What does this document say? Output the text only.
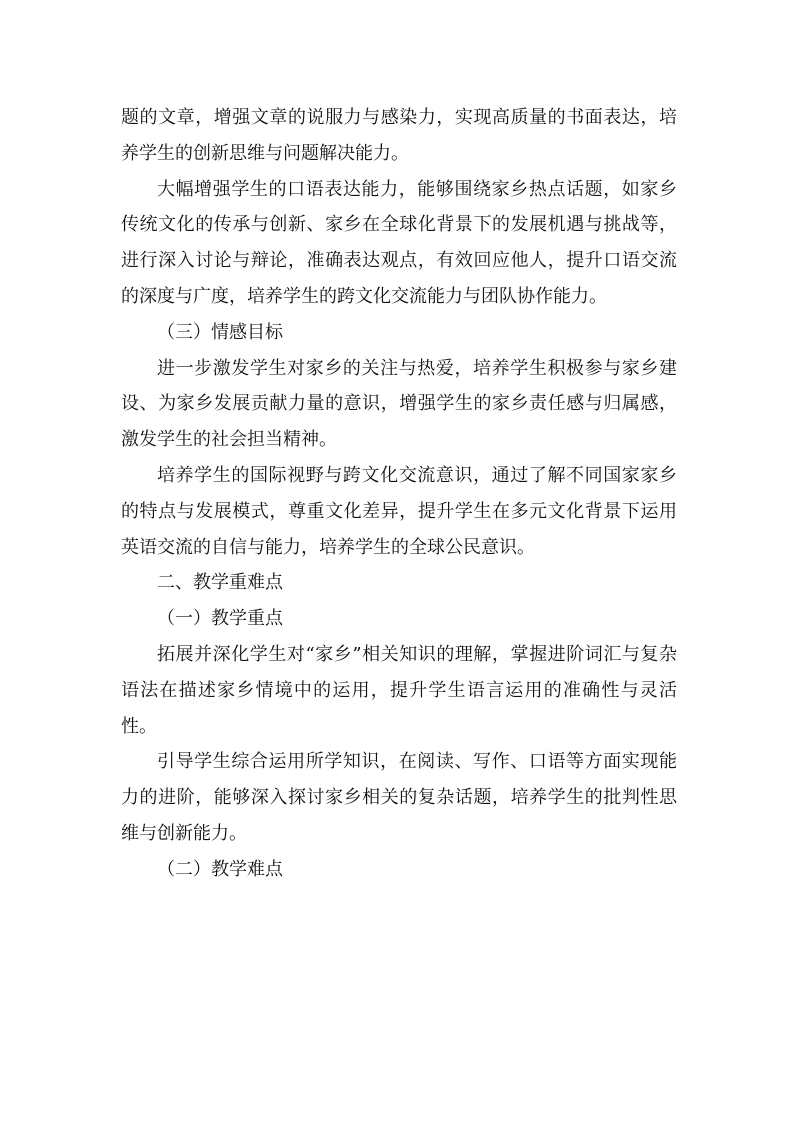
题的文章，增强文章的说服力与感染力，实现高质量的书面表达，培养学生的创新思维与问题解决能力。

大幅增强学生的口语表达能力，能够围绕家乡热点话题，如家乡传统文化的传承与创新、家乡在全球化背景下的发展机遇与挑战等，进行深入讨论与辩论，准确表达观点，有效回应他人，提升口语交流的深度与广度，培养学生的跨文化交流能力与团队协作能力。

（三）情感目标

进一步激发学生对家乡的关注与热爱，培养学生积极参与家乡建设、为家乡发展贡献力量的意识，增强学生的家乡责任感与归属感，激发学生的社会担当精神。

培养学生的国际视野与跨文化交流意识，通过了解不同国家家乡的特点与发展模式，尊重文化差异，提升学生在多元文化背景下运用英语交流的自信与能力，培养学生的全球公民意识。

二、教学重难点

（一）教学重点

拓展并深化学生对“家乡”相关知识的理解，掌握进阶词汇与复杂语法在描述家乡情境中的运用，提升学生语言运用的准确性与灵活性。

引导学生综合运用所学知识，在阅读、写作、口语等方面实现能力的进阶，能够深入探讨家乡相关的复杂话题，培养学生的批判性思维与创新能力。

（二）教学难点
